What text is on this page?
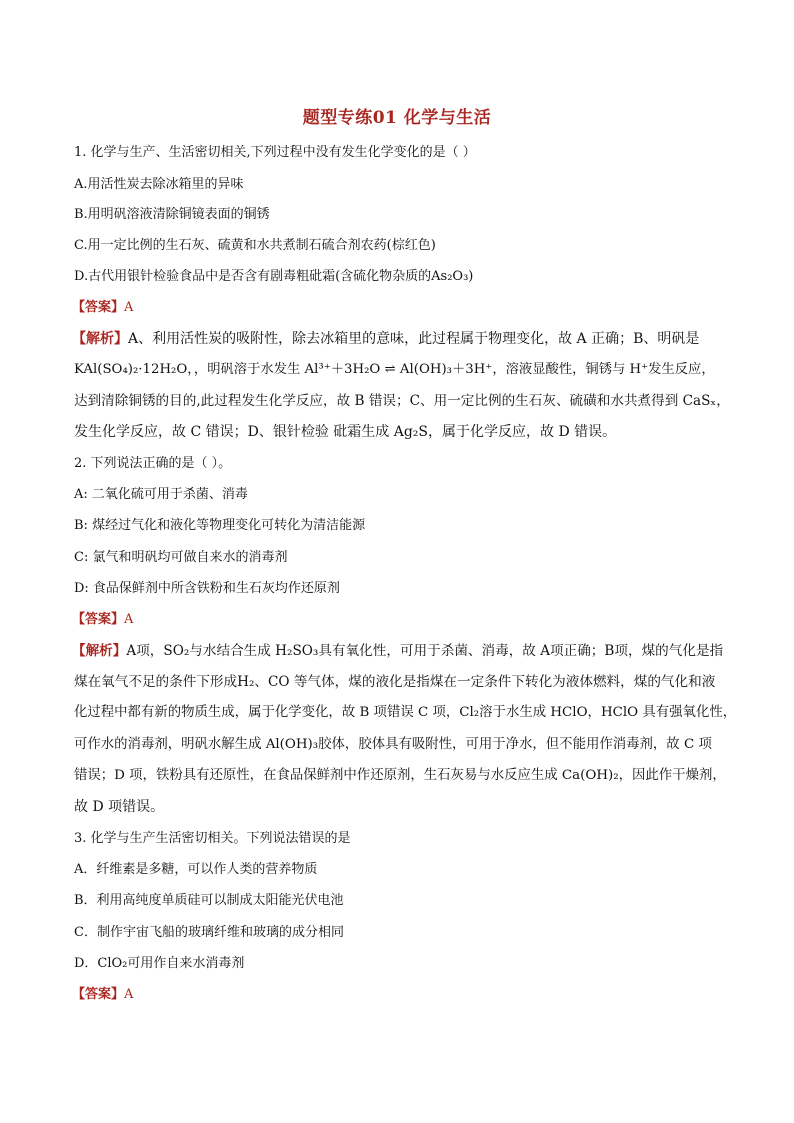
题型专练01 化学与生活
1. 化学与生产、生活密切相关,下列过程中没有发生化学变化的是（ ）
A.用活性炭去除冰箱里的异味
B.用明矾溶液清除铜镜表面的铜锈
C.用一定比例的生石灰、硫黄和水共煮制石硫合剂农药(棕红色)
D.古代用银针检验食品中是否含有剧毒粗砒霜(含硫化物杂质的As₂O₃)
【答案】A
【解析】A、利用活性炭的吸附性，除去冰箱里的意味，此过程属于物理变化，故 A 正确；B、明矾是
KAl(SO₄)₂·12H₂O，，明矾溶于水发生 Al³⁺＋3H₂O ⇌ Al(OH)₃＋3H⁺，溶液显酸性，铜锈与 H⁺发生反应，
达到清除铜锈的目的,此过程发生化学反应，故 B 错误；C、用一定比例的生石灰、硫磺和水共煮得到 CaSₓ，
发生化学反应，故 C 错误；D、银针检验 砒霜生成 Ag₂S，属于化学反应，故 D 错误。
2. 下列说法正确的是（ ）。
A: 二氧化硫可用于杀菌、消毒
B: 煤经过气化和液化等物理变化可转化为清洁能源
C: 氯气和明矾均可做自来水的消毒剂
D: 食品保鲜剂中所含铁粉和生石灰均作还原剂
【答案】A
【解析】A项，SO₂与水结合生成 H₂SO₃具有氧化性，可用于杀菌、消毒，故 A项正确；B项，煤的气化是指
煤在氧气不足的条件下形成H₂、CO 等气体，煤的液化是指煤在一定条件下转化为液体燃料，煤的气化和液
化过程中都有新的物质生成，属于化学变化，故 B 项错误 C 项，Cl₂溶于水生成 HClO，HClO 具有强氧化性，
可作水的消毒剂，明矾水解生成 Al(OH)₃胶体，胶体具有吸附性，可用于净水，但不能用作消毒剂，故 C 项
错误；D 项，铁粉具有还原性，在食品保鲜剂中作还原剂，生石灰易与水反应生成 Ca(OH)₂，因此作干燥剂，
故 D 项错误。
3. 化学与生产生活密切相关。下列说法错误的是
A．纤维素是多糖，可以作人类的营养物质
B．利用高纯度单质硅可以制成太阳能光伏电池
C．制作宇宙飞船的玻璃纤维和玻璃的成分相同
D．ClO₂可用作自来水消毒剂
【答案】A
